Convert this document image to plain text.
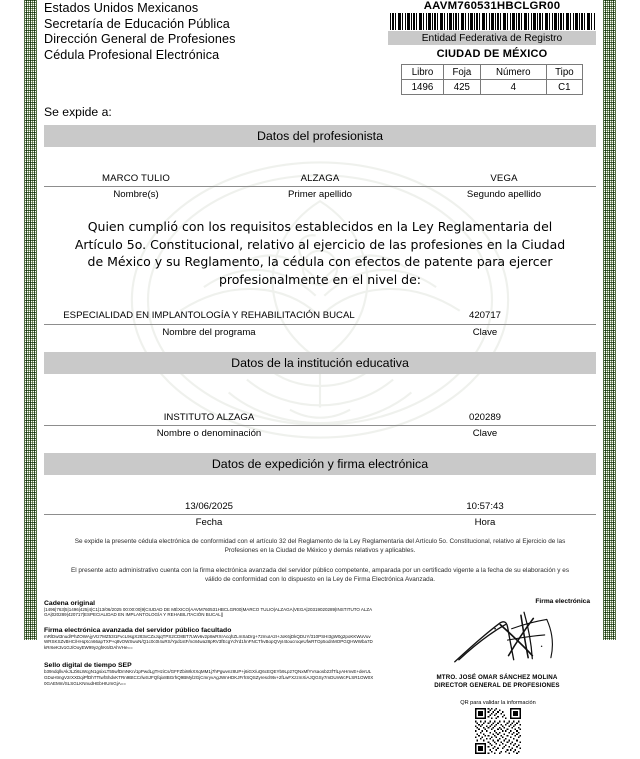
Estados Unidos Mexicanos
Secretaría de Educación Pública
Dirección General de Profesiones
Cédula Profesional Electrónica
AAVM760531HBCLGR00
Entidad Federativa de Registro
CIUDAD DE MÉXICO
Libro	Foja	Número	Tipo
1496	425	4	C1
Se expide a:
Datos del profesionista
MARCO TULIO
Nombre(s)
ALZAGA
Primer apellido
VEGA
Segundo apellido
Quien cumplió con los requisitos establecidos en la Ley Reglamentaria del Artículo 5o. Constitucional, relativo al ejercicio de las profesiones en la Ciudad de México y su Reglamento, la cédula con efectos de patente para ejercer profesionalmente en el nivel de:
ESPECIALIDAD EN IMPLANTOLOGÍA Y REHABILITACIÓN BUCAL
Nombre del programa
420717
Clave
Datos de la institución educativa
INSTITUTO ALZAGA
Nombre o denominación
020289
Clave
Datos de expedición y firma electrónica
13/06/2025
Fecha
10:57:43
Hora
Se expide la presente cédula electrónica de conformidad con el artículo 32 del Reglamento de la Ley Reglamentaria del Artículo 5o. Constitucional, relativo al Ejercicio de las Profesiones en la Ciudad de México y demás relativos y aplicables.
El presente acto administrativo cuenta con la firma electrónica avanzada del servidor público competente, amparada por un certificado vigente a la fecha de su elaboración y es válido de conformidad con lo dispuesto en la Ley de Firma Electrónica Avanzada.
Firma electrónica
Cadena original
|1496|763|5|1496|425|4|C1|13/06/2025 00:00:00|9|CIUDAD DE MÉXICO|AAVM760531HBCLGR00|MARCO TULIO|ALZAGA|VEGA|20319020289|INSTITUTO ALZAGA|020289|420717|ESPECIALIDAD EN IMPLANTOLOGÍA Y REHABILITACIÓN BUCAL||
Firma electrónica avanzada del servidor público facultado
mRlDwt3nud/PhZOWAjyVtz7MZ53I1FvcL9sgX283xCZxJqqTPS2CD8BT7LWv6v2p8wRXrAcqhZLmSaDrg+72muIA2I+JoK6jDkQDUY/310PSHI3gW0g2poKKWuVuvWRSKSZvBHC/HHqXcn66apTXP+q8vOWSwuN/Q1c0c0I4uRS/Ypd1stF/nc84wa28pRV3fEcgYdYd1hnFNCThvBopQVyI4toucroqeUfwRTOp5odnMOPGQHWWba7DkRr6eK3v1GJ/OoyEW99yzghK6/DAhVHe==
Sello digital de tiempo SEP
b39ndqllvAkJLZi6LWcgN1gsixLT55wfDmNKn/1pPwdLgTHziCs/GFFZbiWkXXqMM1j7hPgwvnz8UP+j6iGX/uQ6cEQEYb9Lp27QNxMfYVsaosb23fTlLyAHmvE+derULGDuHtmgV2rXXDqiPfDhTTtwfShdvKTRn9BtCCrlwSJFQfqix8BGrhQ9BMyl2GjCmryvAgJWnHDKJFrhSQSZyrescl9tv+2fLwFXzzmXiAJQGSy7mDUnWcPLSR1OW0X0GAEMm/SLSGLKNnudHEbHIUmGjA==
MTRO. JOSÉ OMAR SÁNCHEZ MOLINA
DIRECTOR GENERAL DE PROFESIONES
QR para validar la información
